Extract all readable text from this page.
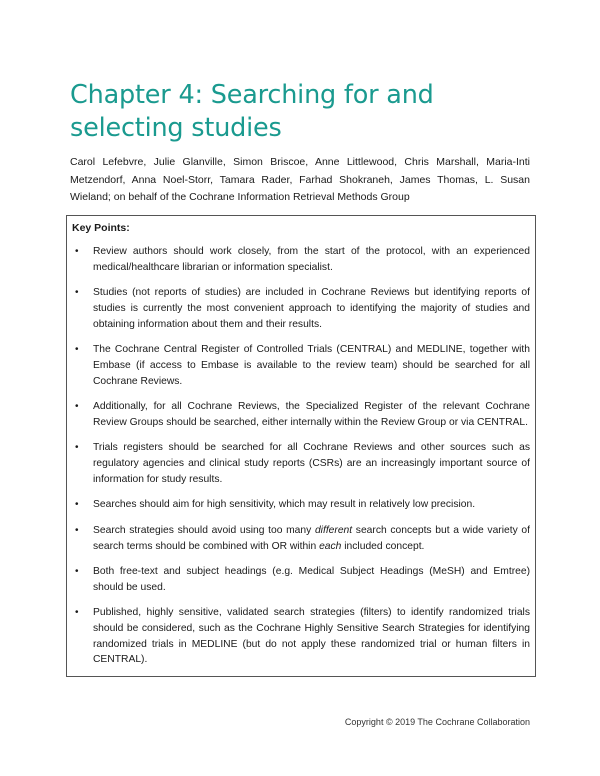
Chapter 4: Searching for and
selecting studies

Carol Lefebvre, Julie Glanville, Simon Briscoe, Anne Littlewood, Chris Marshall, Maria-Inti Metzendorf, Anna Noel-Storr, Tamara Rader, Farhad Shokraneh, James Thomas, L. Susan Wieland; on behalf of the Cochrane Information Retrieval Methods Group

Key Points:

• Review authors should work closely, from the start of the protocol, with an experienced medical/healthcare librarian or information specialist.
• Studies (not reports of studies) are included in Cochrane Reviews but identifying reports of studies is currently the most convenient approach to identifying the majority of studies and obtaining information about them and their results.
• The Cochrane Central Register of Controlled Trials (CENTRAL) and MEDLINE, together with Embase (if access to Embase is available to the review team) should be searched for all Cochrane Reviews.
• Additionally, for all Cochrane Reviews, the Specialized Register of the relevant Cochrane Review Groups should be searched, either internally within the Review Group or via CENTRAL.
• Trials registers should be searched for all Cochrane Reviews and other sources such as regulatory agencies and clinical study reports (CSRs) are an increasingly important source of information for study results.
• Searches should aim for high sensitivity, which may result in relatively low precision.
• Search strategies should avoid using too many different search concepts but a wide variety of search terms should be combined with OR within each included concept.
• Both free-text and subject headings (e.g. Medical Subject Headings (MeSH) and Emtree) should be used.
• Published, highly sensitive, validated search strategies (filters) to identify randomized trials should be considered, such as the Cochrane Highly Sensitive Search Strategies for identifying randomized trials in MEDLINE (but do not apply these randomized trial or human filters in CENTRAL).

Copyright © 2019 The Cochrane Collaboration
